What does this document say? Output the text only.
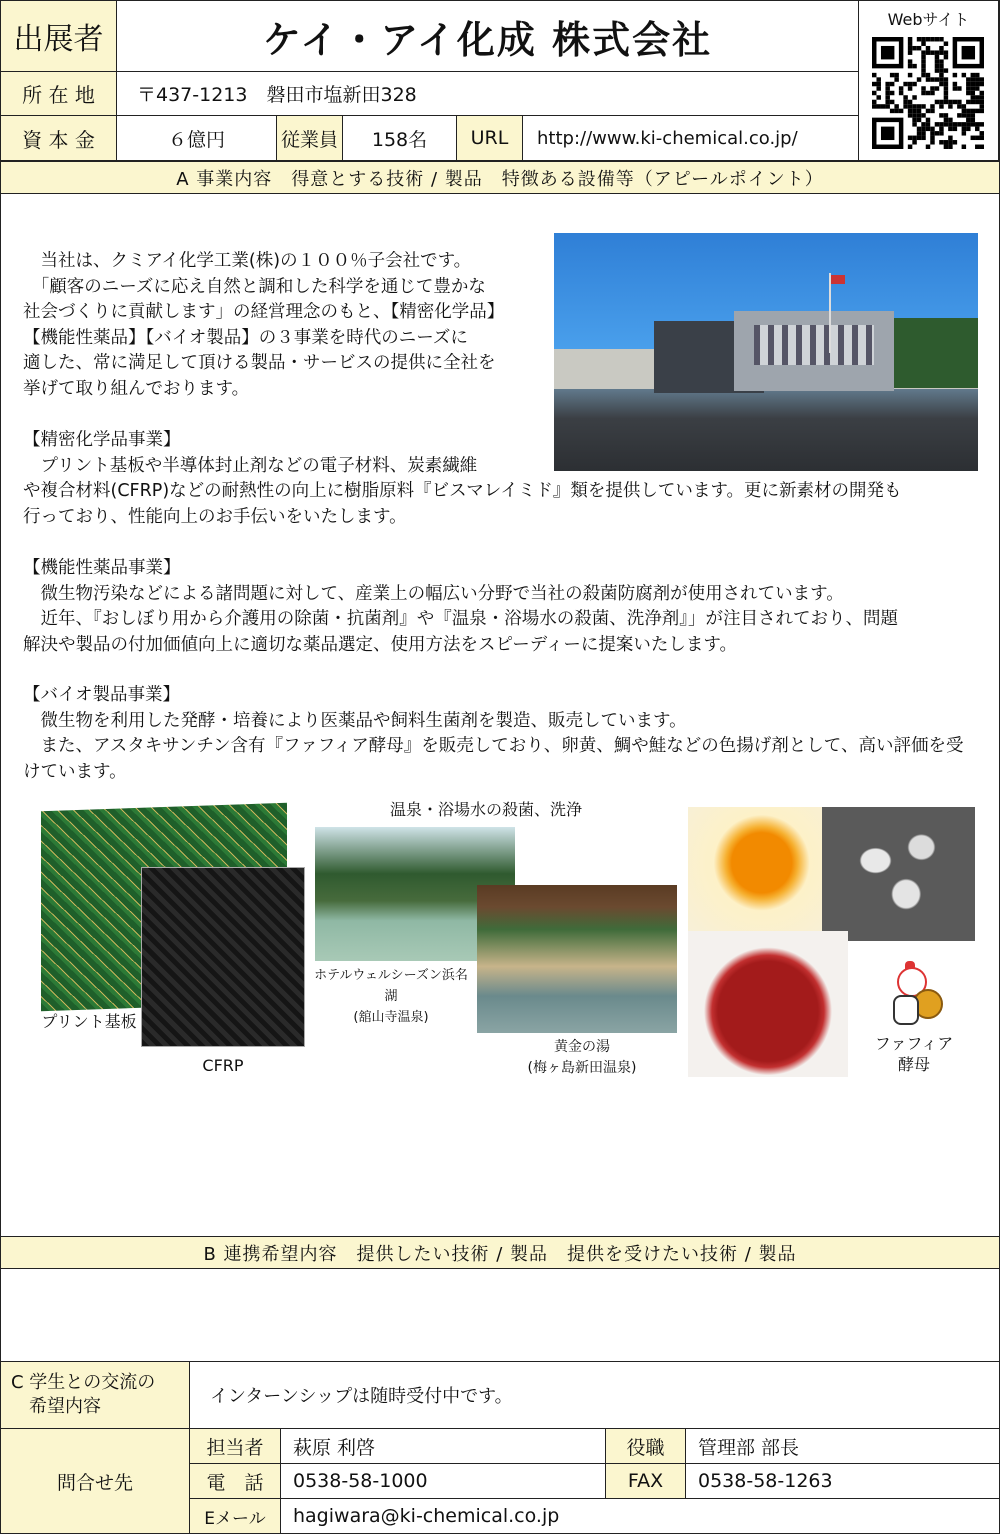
出展者	ケイ・アイ化成 株式会社	Webサイト
所 在 地	〒437-1213　磐田市塩新田328
資 本 金	６億円	従業員	158名	URL	http://www.ki-chemical.co.jp/
A 事業内容　得意とする技術 / 製品　特徴ある設備等（アピールポイント）
　当社は、クミアイ化学工業(株)の１００％子会社です。
　「顧客のニーズに応え自然と調和した科学を通じて豊かな
社会づくりに貢献します」の経営理念のもと、【精密化学品】
【機能性薬品】【バイオ製品】の３事業を時代のニーズに
適した、常に満足して頂ける製品・サービスの提供に全社を
挙げて取り組んでおります。
【精密化学品事業】
　プリント基板や半導体封止剤などの電子材料、炭素繊維
や複合材料(CFRP)などの耐熱性の向上に樹脂原料『ビスマレイミド』類を提供しています。更に新素材の開発も
行っており、性能向上のお手伝いをいたします。
【機能性薬品事業】
　微生物汚染などによる諸問題に対して、産業上の幅広い分野で当社の殺菌防腐剤が使用されています。
　近年、『おしぼり用から介護用の除菌・抗菌剤』や『温泉・浴場水の殺菌、洗浄剤』」が注目されており、問題
解決や製品の付加価値向上に適切な薬品選定、使用方法をスピーディーに提案いたします。
【バイオ製品事業】
　微生物を利用した発酵・培養により医薬品や飼料生菌剤を製造、販売しています。
　また、アスタキサンチン含有『ファフィア酵母』を販売しており、卵黄、鯛や鮭などの色揚げ剤として、高い評価を受
けています。
温泉・浴場水の殺菌、洗浄
プリント基板
CFRP
ホテルウェルシーズン浜名湖
(舘山寺温泉)
黄金の湯
(梅ヶ島新田温泉)
ファフィア
酵母
B 連携希望内容　提供したい技術 / 製品　提供を受けたい技術 / 製品
C 学生との交流の
　希望内容	インターンシップは随時受付中です。
問合せ先
担当者	萩原 利啓	役職	管理部 部長
電　話	0538-58-1000	FAX	0538-58-1263
Eメール	hagiwara@ki-chemical.co.jp
